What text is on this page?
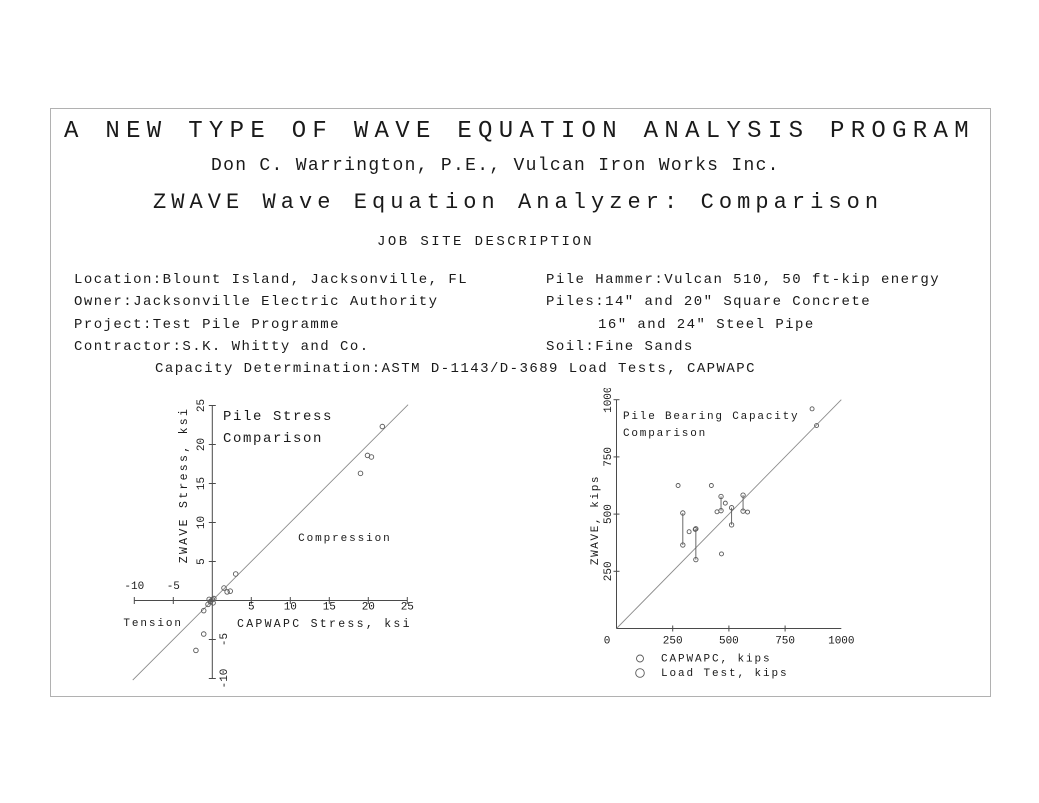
A NEW TYPE OF WAVE EQUATION ANALYSIS PROGRAM
Don C. Warrington, P.E., Vulcan Iron Works Inc.
ZWAVE Wave Equation Analyzer: Comparison
JOB SITE DESCRIPTION
Location:Blount Island, Jacksonville, FL
Owner:Jacksonville Electric Authority
Project:Test Pile Programme
Contractor:S.K. Whitty and Co.
Pile Hammer:Vulcan 510, 50 ft-kip energy
Piles:14" and 20" Square Concrete
16" and 24" Steel Pipe
Soil:Fine Sands
Capacity Determination:ASTM D-1143/D-3689 Load Tests, CAPWAPC
-10 -5
5	10 15 20 25
-10
-5
5
10
15
20
25
Pile Stress
Comparison
Compression
Tension	CAPWAPC Stress, ksi
ZWAVE Stress, ksi
0	250	500	750	1000
250
500
750
1000
Pile Bearing Capacity
Comparison
ZWAVE, kips
CAPWAPC, kips
Load Test, kips
